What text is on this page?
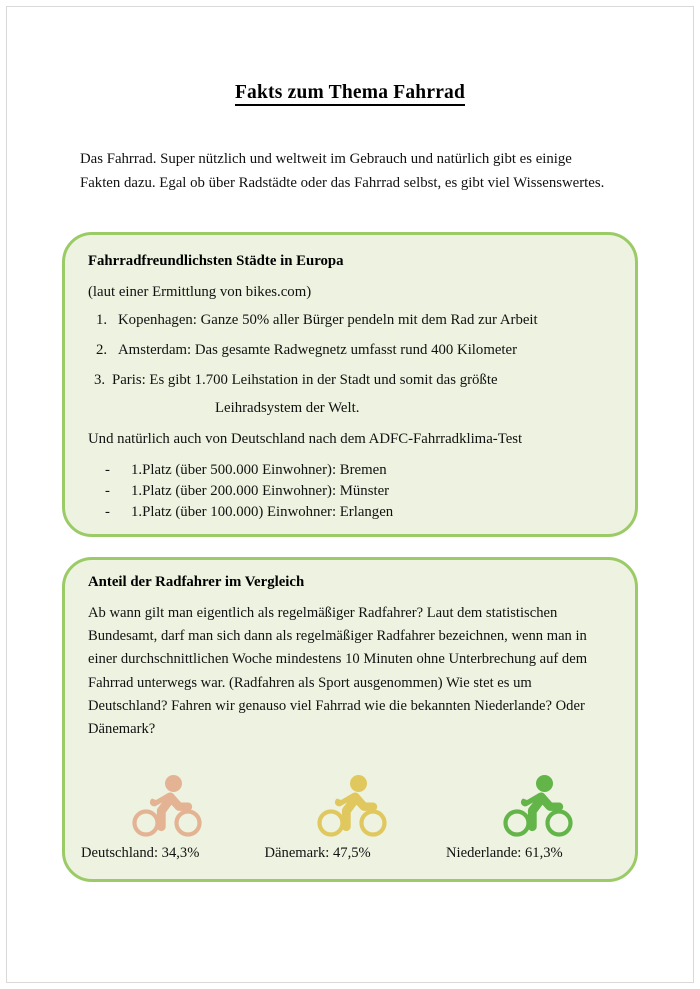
Fakts zum Thema Fahrrad
Das Fahrrad. Super nützlich und weltweit im Gebrauch und natürlich gibt es einige Fakten dazu. Egal ob über Radstädte oder das Fahrrad selbst, es gibt viel Wissenswertes.
Fahrradfreundlichsten Städte in Europa
(laut einer Ermittlung von bikes.com)
1. Kopenhagen: Ganze 50% aller Bürger pendeln mit dem Rad zur Arbeit
2. Amsterdam: Das gesamte Radwegnetz umfasst rund 400 Kilometer
3. Paris: Es gibt 1.700 Leihstation in der Stadt und somit das größte
Leihradsystem der Welt.
Und natürlich auch von Deutschland nach dem ADFC-Fahrradklima-Test
-	1.Platz (über 500.000 Einwohner): Bremen
-	1.Platz (über 200.000 Einwohner): Münster
-	1.Platz (über 100.000) Einwohner: Erlangen
Anteil der Radfahrer im Vergleich
Ab wann gilt man eigentlich als regelmäßiger Radfahrer? Laut dem statistischen Bundesamt, darf man sich dann als regelmäßiger Radfahrer bezeichnen, wenn man in einer durchschnittlichen Woche mindestens 10 Minuten ohne Unterbrechung auf dem Fahrrad unterwegs war. (Radfahren als Sport ausgenommen) Wie stet es um Deutschland? Fahren wir genauso viel Fahrrad wie die bekannten Niederlande? Oder Dänemark?
Deutschland: 34,3%	Dänemark: 47,5%	Niederlande: 61,3%
